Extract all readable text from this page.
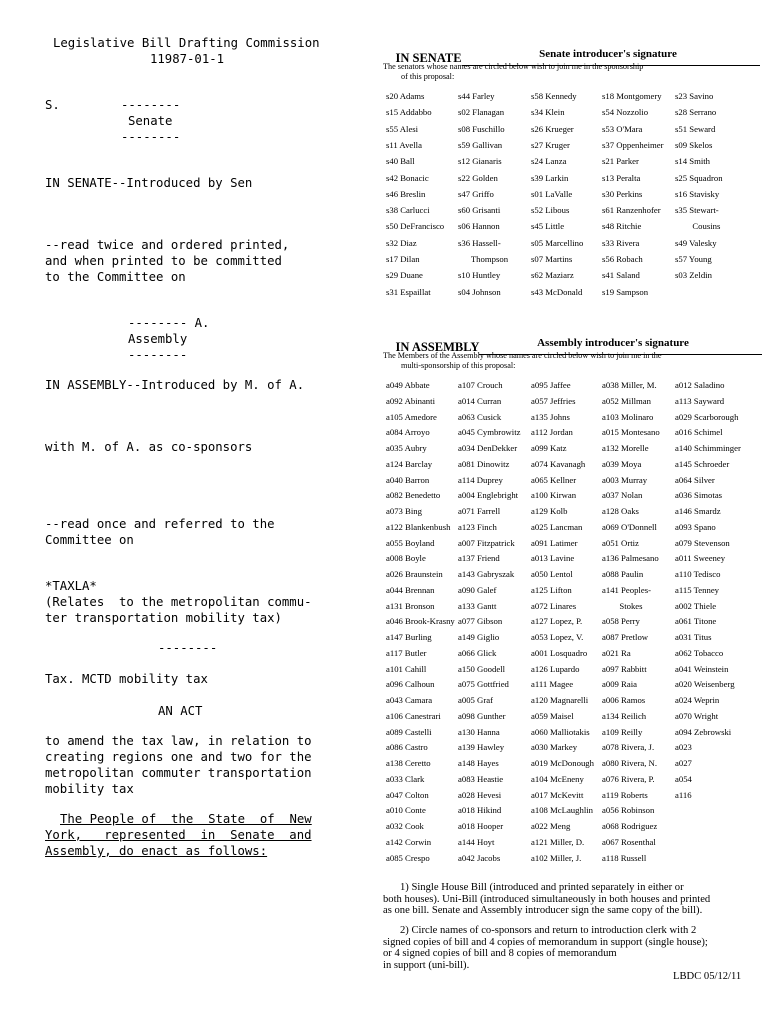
Legislative Bill Drafting Commission
11987-01-1
S.	--------
Senate
--------
IN SENATE--Introduced by Sen
--read twice and ordered printed,
and when printed to be committed
to the Committee on
-------- A.
Assembly
--------
IN ASSEMBLY--Introduced by M. of A.
with M. of A. as co-sponsors
--read once and referred to the
Committee on
*TAXLA*
(Relates  to the metropolitan commu-
ter transportation mobility tax)
--------
Tax. MCTD mobility tax
AN ACT
to amend the tax law, in relation to
creating regions one and two for the
metropolitan commuter transportation
mobility tax
The People of  the  State  of  New
York,   represented  in  Senate  and
Assembly, do enact as follows:

IN SENATE
	Senate introducer's signature
The senators whose names are circled below wish to join me in the sponsorship
of this proposal:
s20 Adams	s44 Farley	s58 Kennedy	s18 Montgomery s23 Savino
s15 Addabbo	s02 Flanagan	s34 Klein	s54 Nozzolio	s28 Serrano
s55 Alesi	s08 Fuschillo	s26 Krueger	s53 O'Mara	s51 Seward
s11 Avella	s59 Gallivan	s27 Kruger	s37 Oppenheimer s09 Skelos
s40 Ball	s12 Gianaris	s24 Lanza	s21 Parker	s14 Smith
s42 Bonacic	s22 Golden	s39 Larkin	s13 Peralta	s25 Squadron
s46 Breslin	s47 Griffo	s01 LaValle	s30 Perkins	s16 Stavisky
s38 Carlucci	s60 Grisanti	s52 Libous	s61 Ranzenhofer s35 Stewart-
s50 DeFrancisco s06 Hannon	s45 Little	s48 Ritchie	Cousins
s32 Diaz	s36 Hassell-	s05 Marcellino s33 Rivera	s49 Valesky
s17 Dilan	Thompson	s07 Martins	s56 Robach	s57 Young
s29 Duane	s10 Huntley	s62 Maziarz	s41 Saland	s03 Zeldin
s31 Espaillat	s04 Johnson	s43 McDonald s19 Sampson

IN ASSEMBLY
	Assembly introducer's signature
The Members of the Assembly whose names are circled below wish to join me in the
multi-sponsorship of this proposal:
a049 Abbate	a107 Crouch	a095 Jaffee	a038 Miller, M. a012 Saladino
a092 Abinanti	a014 Curran	a057 Jeffries	a052 Millman	a113 Sayward
a105 Amedore a063 Cusick	a135 Johns	a103 Molinaro a029 Scarborough
a084 Arroyo	a045 Cymbrowitz a112 Jordan	a015 Montesano a016 Schimel
a035 Aubry	a034 DenDekker a099 Katz	a132 Morelle	a140 Schimminger
a124 Barclay	a081 Dinowitz a074 Kavanagh a039 Moya	a145 Schroeder
a040 Barron	a114 Duprey	a065 Kellner	a003 Murray	a064 Silver
a082 Benedetto a004 Englebright a100 Kirwan	a037 Nolan	a036 Simotas
a073 Bing	a071 Farrell	a129 Kolb	a128 Oaks	a146 Smardz
a122 Blankenbush a123 Finch	a025 Lancman a069 O'Donnell a093 Spano
a055 Boyland	a007 Fitzpatrick a091 Latimer	a051 Ortiz	a079 Stevenson
a008 Boyle	a137 Friend	a013 Lavine	a136 Palmesano a011 Sweeney
a026 Braunstein a143 Gabryszak a050 Lentol	a088 Paulin	a110 Tedisco
a044 Brennan	a090 Galef	a125 Lifton	a141 Peoples-	a115 Tenney
a131 Bronson	a133 Gantt	a072 Linares	Stokes	a002 Thiele
a046 Brook-Krasny a077 Gibson	a127 Lopez, P. a058 Perry	a061 Titone
a147 Burling	a149 Giglio	a053 Lopez, V. a087 Pretlow	a031 Titus
a117 Butler	a066 Glick	a001 Losquadro a021 Ra	a062 Tobacco
a101 Cahill	a150 Goodell	a126 Lupardo	a097 Rabbitt	a041 Weinstein
a096 Calhoun	a075 Gottfried	a111 Magee	a009 Raia	a020 Weisenberg
a043 Camara	a005 Graf	a120 Magnarelli a006 Ramos	a024 Weprin
a106 Canestrari a098 Gunther	a059 Maisel	a134 Reilich	a070 Wright
a089 Castelli	a130 Hanna	a060 Malliotakis a109 Reilly	a094 Zebrowski
a086 Castro	a139 Hawley	a030 Markey	a078 Rivera, J. a023
a138 Ceretto	a148 Hayes	a019 McDonough a080 Rivera, N. a027
a033 Clark	a083 Heastie	a104 McEneny a076 Rivera, P. a054
a047 Colton	a028 Hevesi	a017 McKevitt a119 Roberts	a116
a010 Conte	a018 Hikind	a108 McLaughlin a056 Robinson
a032 Cook	a018 Hooper	a022 Meng	a068 Rodriguez
a142 Corwin	a144 Hoyt	a121 Miller, D. a067 Rosenthal
a085 Crespo	a042 Jacobs	a102 Miller, J. a118 Russell
1) Single House Bill (introduced and printed separately in either or
both houses). Uni-Bill (introduced simultaneously in both houses and printed
as one bill. Senate and Assembly introducer sign the same copy of the bill).
2) Circle names of co-sponsors and return to introduction clerk with 2
signed copies of bill and 4 copies of memorandum in support (single house);
or 4 signed copies of bill and 8 copies of memorandum
in support (uni-bill).
LBDC 05/12/11
